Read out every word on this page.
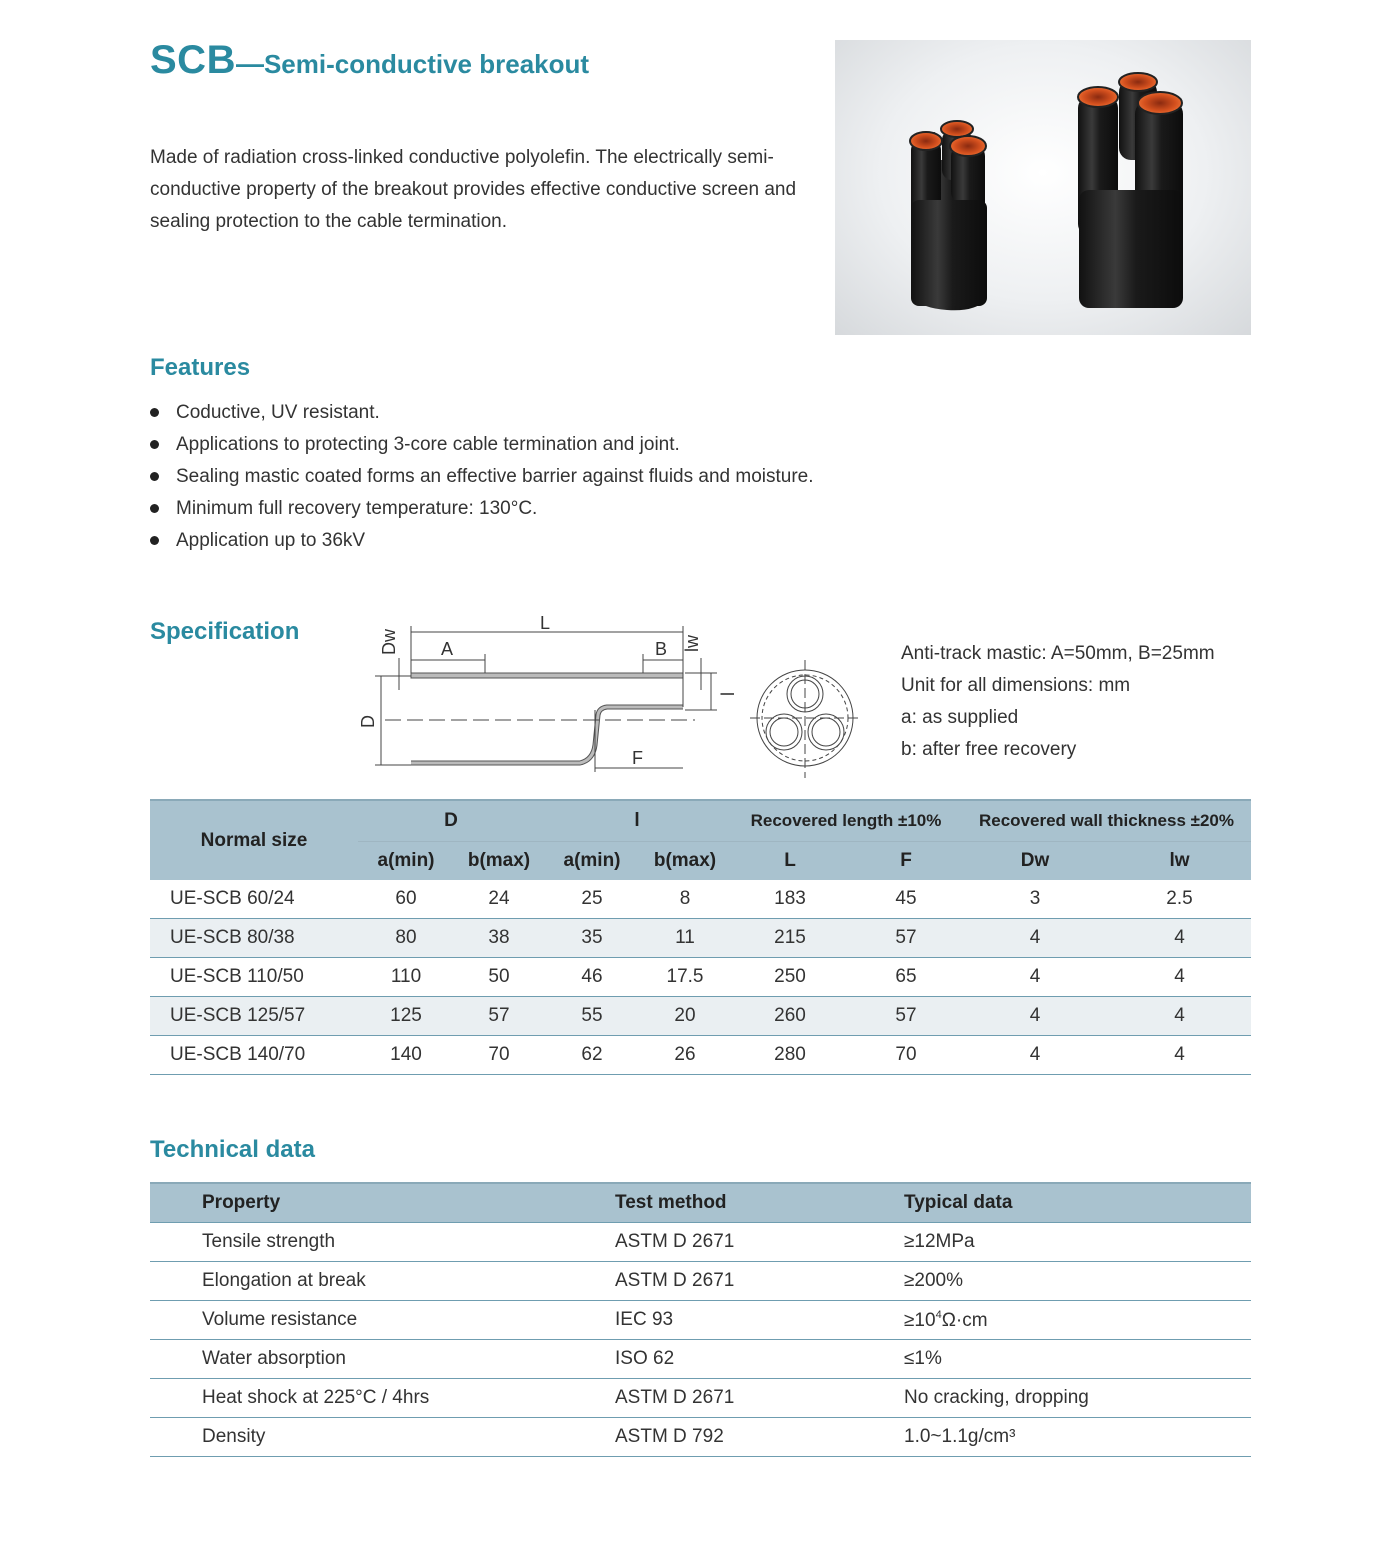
SCB—Semi-conductive breakout
Made of radiation cross-linked conductive polyolefin. The electrically semi-conductive property of the breakout provides effective conductive screen and sealing protection to the cable termination.
Features
Coductive, UV resistant.
Applications to protecting 3-core cable termination and joint.
Sealing mastic coated forms an effective barrier against fluids and moisture.
Minimum full recovery temperature: 130°C.
Application up to 36kV
Specification	L
A	B
Dw	lw
D
l
F
Anti-track mastic: A=50mm, B=25mm
Unit for all dimensions: mm
a: as supplied
b: after free recovery
Normal size	D		l		Recovered length ±10%		Recovered wall thickness ±20%	
	a(min)	b(max)	a(min)	b(max)	L	F	Dw	lw
UE-SCB 60/24	60	24	25	8	183	45	3	2.5
UE-SCB 80/38	80	38	35	11	215	57	4	4
UE-SCB 110/50	110	50	46	17.5	250	65	4	4
UE-SCB 125/57	125	57	55	20	260	57	4	4
UE-SCB 140/70	140	70	62	26	280	70	4	4
Technical data
Property	Test method	Typical data
Tensile strength	ASTM D 2671	≥12MPa
Elongation at break	ASTM D 2671	≥200%
Volume resistance	IEC 93	$\ge 10^4\Omega\cdot cm$
Water absorption	ISO 62	≤1%
Heat shock at 225°C / 4hrs	ASTM D 2671	No cracking, dropping
Density	ASTM D 792	1.0~1.1g/cm³
